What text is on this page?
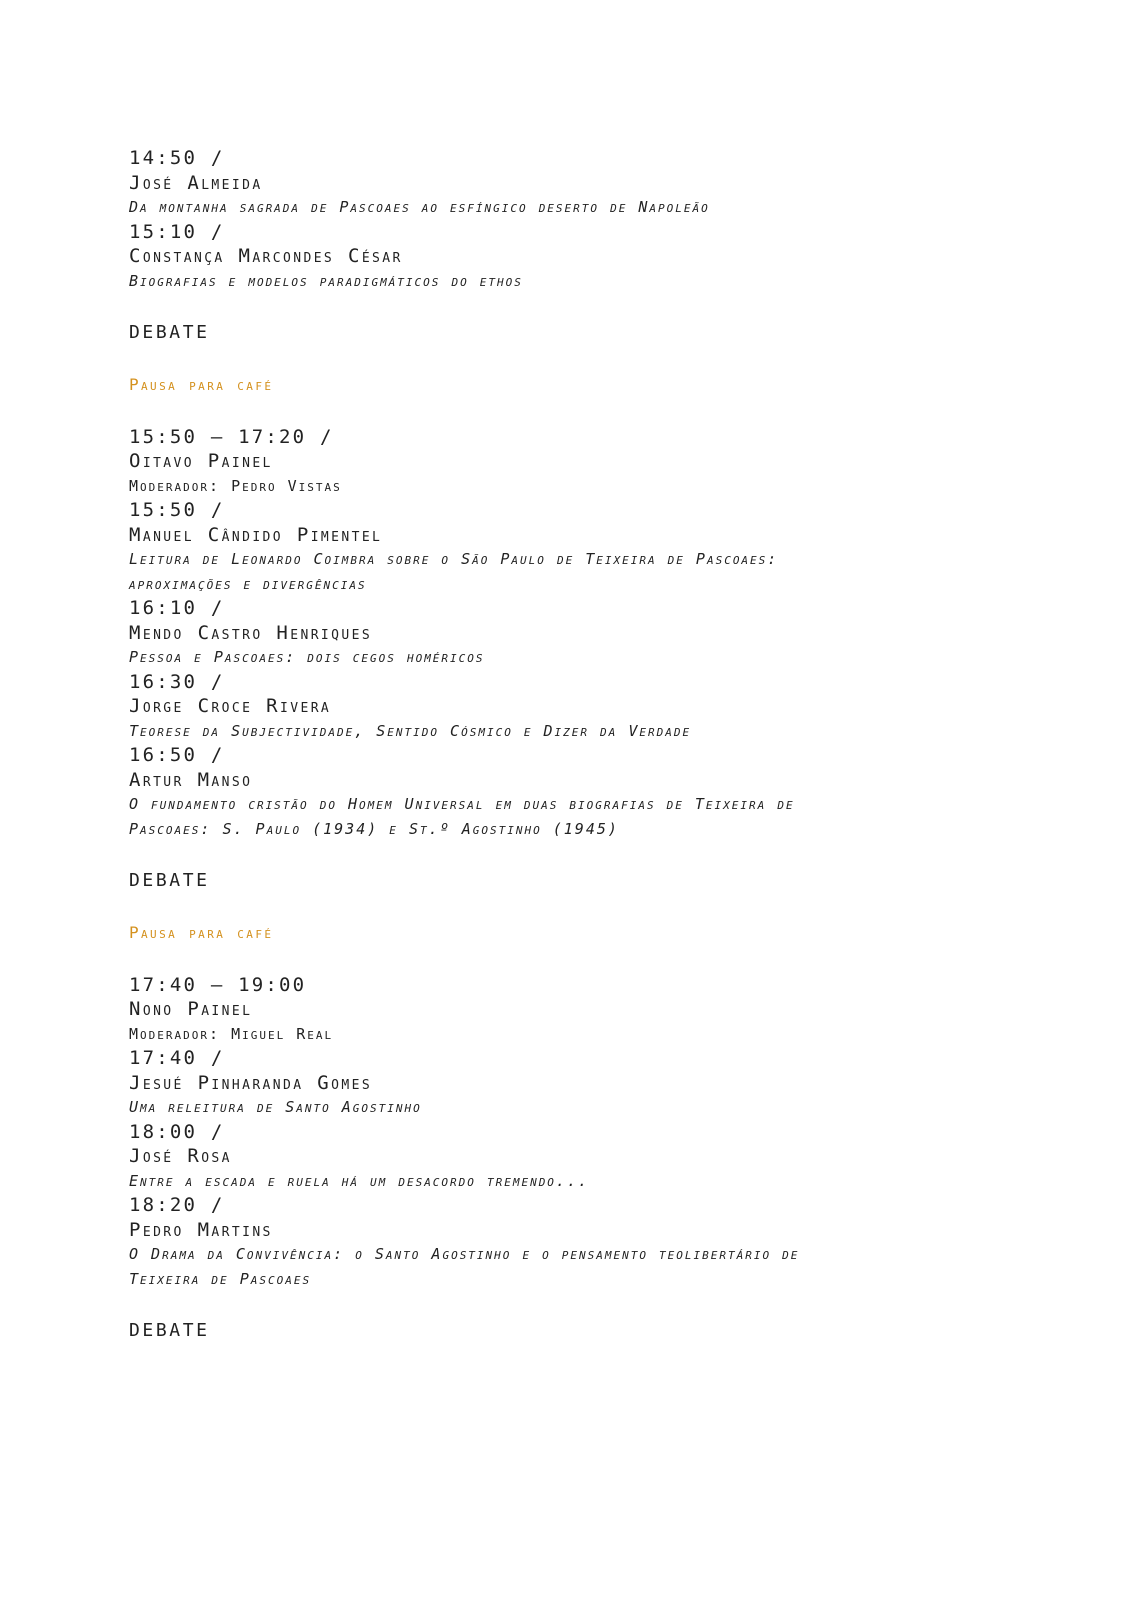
14:50 /
José Almeida
Da montanha sagrada de Pascoaes ao esfíngico deserto de Napoleão
15:10 /
Constança Marcondes César
Biografias e modelos paradigmáticos do ethos
DEBATE
Pausa para café
15:50 – 17:20 /
Oitavo Painel
Moderador: Pedro Vistas
15:50 /
Manuel Cândido Pimentel
Leitura de Leonardo Coimbra sobre o São Paulo de Teixeira de Pascoaes:
aproximações e divergências
16:10 /
Mendo Castro Henriques
Pessoa e Pascoaes: dois cegos homéricos
16:30 /
Jorge Croce Rivera
Teorese da Subjectividade, Sentido Cósmico e Dizer da Verdade
16:50 /
Artur Manso
O fundamento cristão do Homem Universal em duas biografias de Teixeira de
Pascoaes: S. Paulo (1934) e St.º Agostinho (1945)
DEBATE
Pausa para café
17:40 – 19:00
Nono Painel
Moderador: Miguel Real
17:40 /
Jesué Pinharanda Gomes
Uma releitura de Santo Agostinho
18:00 /
José Rosa
Entre a escada e ruela há um desacordo tremendo...
18:20 /
Pedro Martins
O Drama da Convivência: o Santo Agostinho e o pensamento teolibertário de
Teixeira de Pascoaes
DEBATE
